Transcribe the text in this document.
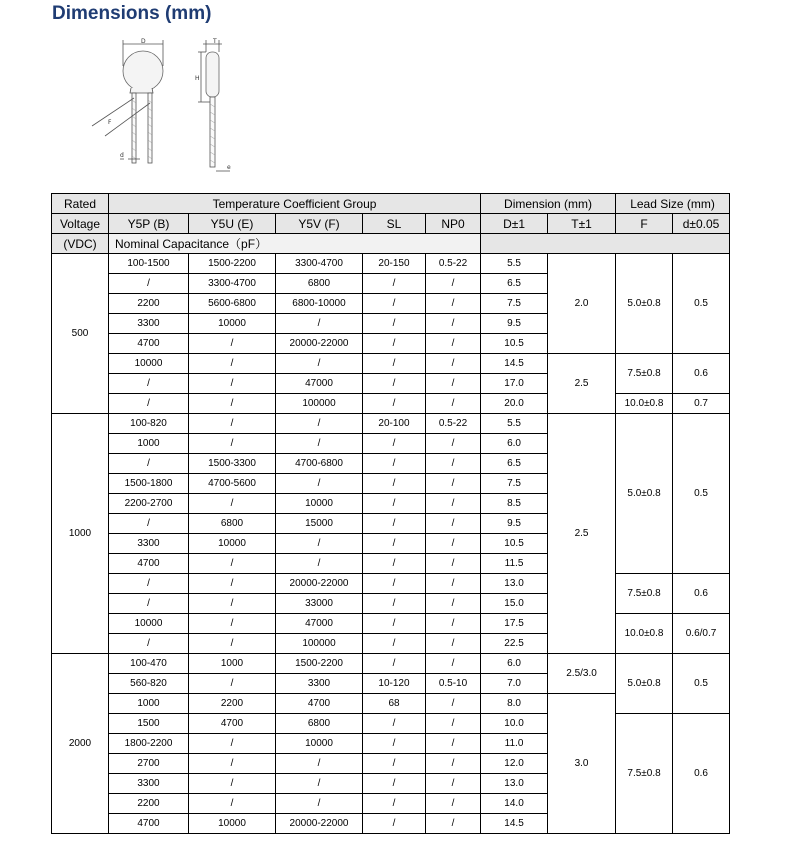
Dimensions (mm)
D	T
H
F
d
e
Rated	Temperature Coefficient Group					Dimension (mm)		Lead Size (mm)	
Voltage	Y5P (B)	Y5U (E)	Y5V (F)	SL	NP0	D±1	T±1	F	d±0.05
(VDC)	Nominal Capacitance（pF）								
500	100-1500	1500-2200	3300-4700	20-150	0.5-22	5.5	2.0	5.0±0.8	0.5
	/	3300-4700	6800	/	/	6.5			
	2200	5600-6800	6800-10000	/	/	7.5			
	3300	10000	/	/	/	9.5			
	4700	/	20000-22000	/	/	10.5			
	10000	/	/	/	/	14.5	2.5	7.5±0.8	0.6
	/	/	47000	/	/	17.0			
	/	/	100000	/	/	20.0		10.0±0.8	0.7
1000	100-820	/	/	20-100	0.5-22	5.5	2.5	5.0±0.8	0.5
	1000	/	/	/	/	6.0			
	/	1500-3300	4700-6800	/	/	6.5			
	1500-1800	4700-5600	/	/	/	7.5			
	2200-2700	/	10000	/	/	8.5			
	/	6800	15000	/	/	9.5			
	3300	10000	/	/	/	10.5			
	4700	/	/	/	/	11.5			
	/	/	20000-22000	/	/	13.0		7.5±0.8	0.6
	/	/	33000	/	/	15.0			
	10000	/	47000	/	/	17.5		10.0±0.8	0.6/0.7
	/	/	100000	/	/	22.5			
2000	100-470	1000	1500-2200	/	/	6.0	2.5/3.0	5.0±0.8	0.5
	560-820	/	3300	10-120	0.5-10	7.0			
	1000	2200	4700	68	/	8.0	3.0		
	1500	4700	6800	/	/	10.0		7.5±0.8	0.6
	1800-2200	/	10000	/	/	11.0			
	2700	/	/	/	/	12.0			
	3300	/	/	/	/	13.0			
	2200	/	/	/	/	14.0			
	4700	10000	20000-22000	/	/	14.5			
